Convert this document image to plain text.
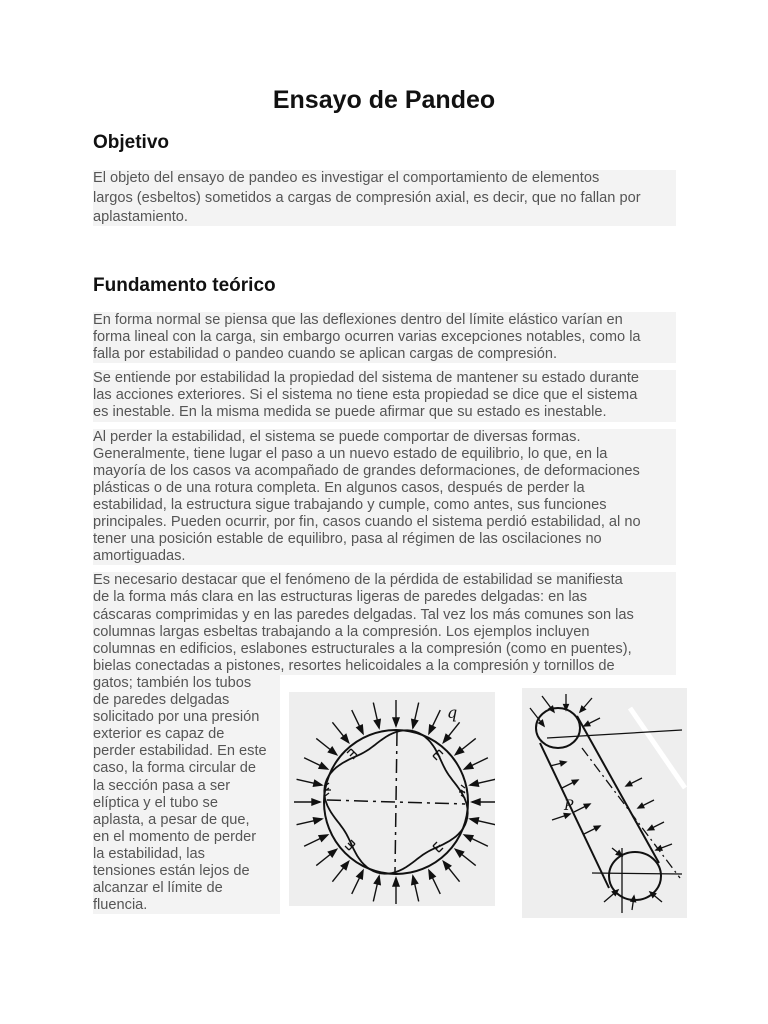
Ensayo de Pandeo
Objetivo
El objeto del ensayo de pandeo es investigar el comportamiento de elementos
largos (esbeltos) sometidos a cargas de compresión axial, es decir, que no fallan por
aplastamiento.
Fundamento teórico
En forma normal se piensa que las deflexiones dentro del límite elástico varían en
forma lineal con la carga, sin embargo ocurren varias excepciones notables, como la
falla por estabilidad o pandeo cuando se aplican cargas de compresión.
Se entiende por estabilidad la propiedad del sistema de mantener su estado durante
las acciones exteriores. Si el sistema no tiene esta propiedad se dice que el sistema
es inestable. En la misma medida se puede afirmar que su estado es inestable.
Al perder la estabilidad, el sistema se puede comportar de diversas formas.
Generalmente, tiene lugar el paso a un nuevo estado de equilibrio, lo que, en la
mayoría de los casos va acompañado de grandes deformaciones, de deformaciones
plásticas o de una rotura completa. En algunos casos, después de perder la
estabilidad, la estructura sigue trabajando y cumple, como antes, sus funciones
principales. Pueden ocurrir, por fin, casos cuando el sistema perdió estabilidad, al no
tener una posición estable de equilibro, pasa al régimen de las oscilaciones no
amortiguadas.
Es necesario destacar que el fenómeno de la pérdida de estabilidad se manifiesta
de la forma más clara en las estructuras ligeras de paredes delgadas: en las
cáscaras comprimidas y en las paredes delgadas. Tal vez los más comunes son las
columnas largas esbeltas trabajando a la compresión. Los ejemplos incluyen
columnas en edificios, eslabones estructurales a la compresión (como en puentes),
bielas conectadas a pistones, resortes helicoidales a la compresión y tornillos de
gatos; también los tubos
de paredes delgadas
solicitado por una presión
exterior es capaz de
perder estabilidad. En este
caso, la forma circular de
la sección pasa a ser
elíptica y el tubo se
aplasta, a pesar de que,
en el momento de perder
la estabilidad, las
tensiones están lejos de
alcanzar el límite de
fluencia.
q
P
